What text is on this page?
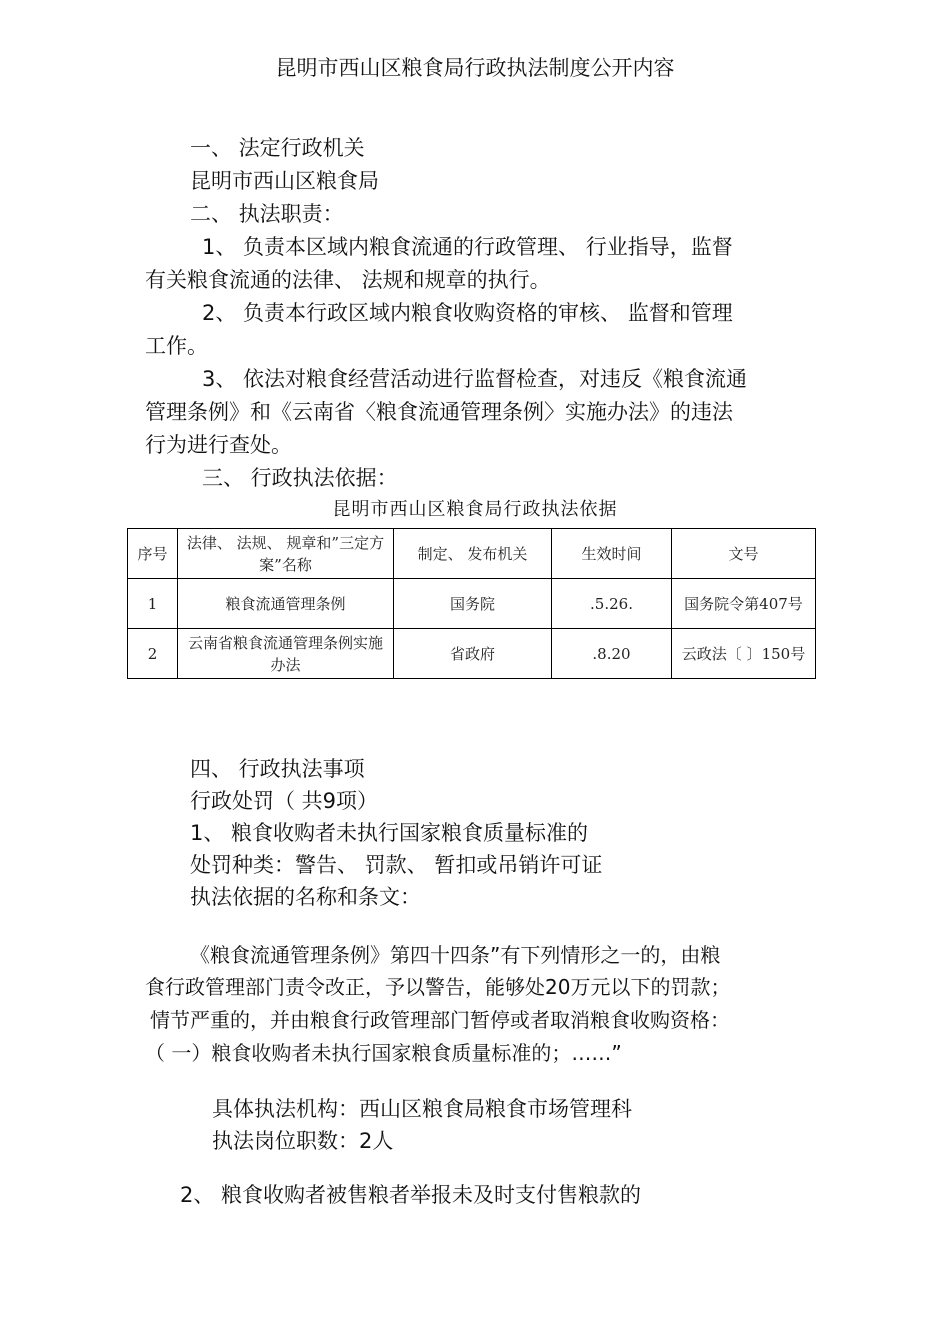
昆明市西山区粮食局行政执法制度公开内容
一、 法定行政机关
昆明市西山区粮食局
二、 执法职责：
1、 负责本区域内粮食流通的行政管理、 行业指导，监督
有关粮食流通的法律、 法规和规章的执行。
2、 负责本行政区域内粮食收购资格的审核、 监督和管理
工作。
3、 依法对粮食经营活动进行监督检查，对违反《粮食流通
管理条例》和《云南省〈粮食流通管理条例〉实施办法》的违法
行为进行查处。
三、 行政执法依据：
昆明市西山区粮食局行政执法依据
序号	法律、 法规、 规章和”三定方案”名称	制定、 发布机关	生效时间	文号
1	粮食流通管理条例	国务院	.5.26.	国务院令第407号
2	云南省粮食流通管理条例实施办法	省政府	.8.20	云政法〔 〕150号
四、 行政执法事项
行政处罚（ 共9项）
1、 粮食收购者未执行国家粮食质量标准的
处罚种类：警告、 罚款、 暂扣或吊销许可证
执法依据的名称和条文：
《粮食流通管理条例》第四十四条”有下列情形之一的，由粮
食行政管理部门责令改正，予以警告，能够处20万元以下的罚款；
情节严重的，并由粮食行政管理部门暂停或者取消粮食收购资格：
（ 一）粮食收购者未执行国家粮食质量标准的；……”
具体执法机构：西山区粮食局粮食市场管理科
执法岗位职数：2人
2、 粮食收购者被售粮者举报未及时支付售粮款的
